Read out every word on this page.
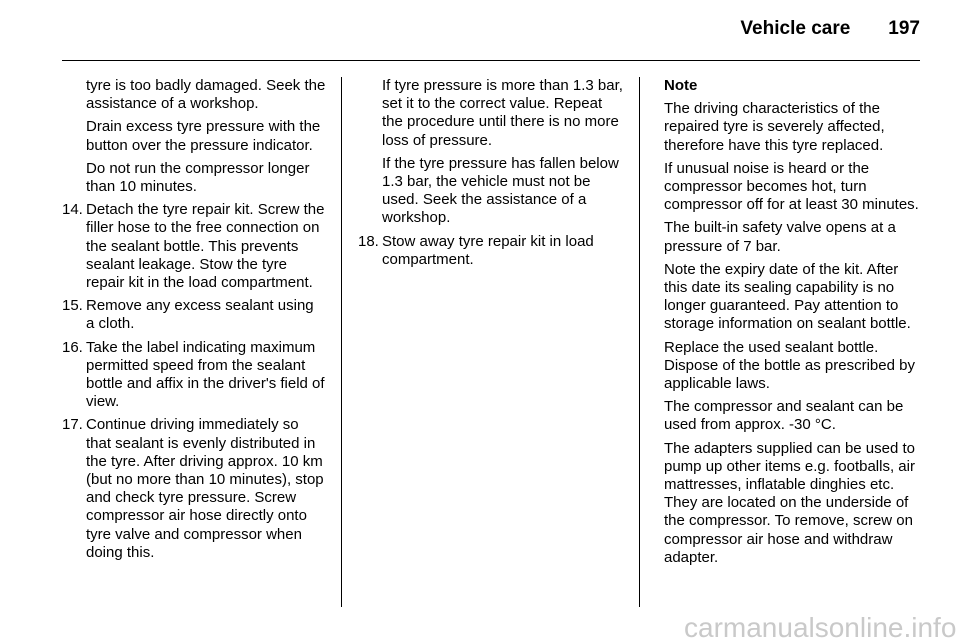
Vehicle care 197

tyre is too badly damaged. Seek the assistance of a workshop.

Drain excess tyre pressure with the button over the pressure indicator.

Do not run the compressor longer than 10 minutes.

14. Detach the tyre repair kit. Screw the filler hose to the free connection on the sealant bottle. This prevents sealant leakage. Stow the tyre repair kit in the load compartment.
15. Remove any excess sealant using a cloth.
16. Take the label indicating maximum permitted speed from the sealant bottle and affix in the driver's field of view.
17. Continue driving immediately so that sealant is evenly distributed in the tyre. After driving approx. 10 km (but no more than 10 minutes), stop and check tyre pressure. Screw compressor air hose directly onto tyre valve and compressor when doing this.

If tyre pressure is more than 1.3 bar, set it to the correct value. Repeat the procedure until there is no more loss of pressure.

If the tyre pressure has fallen below 1.3 bar, the vehicle must not be used. Seek the assistance of a workshop.

18. Stow away tyre repair kit in load compartment.

Note

The driving characteristics of the repaired tyre is severely affected, therefore have this tyre replaced.

If unusual noise is heard or the compressor becomes hot, turn compressor off for at least 30 minutes.

The built-in safety valve opens at a pressure of 7 bar.

Note the expiry date of the kit. After this date its sealing capability is no longer guaranteed. Pay attention to storage information on sealant bottle.

Replace the used sealant bottle. Dispose of the bottle as prescribed by applicable laws.

The compressor and sealant can be used from approx. -30 °C.

The adapters supplied can be used to pump up other items e.g. footballs, air mattresses, inflatable dinghies etc. They are located on the underside of the compressor. To remove, screw on compressor air hose and withdraw adapter.

carmanualsonline.info
